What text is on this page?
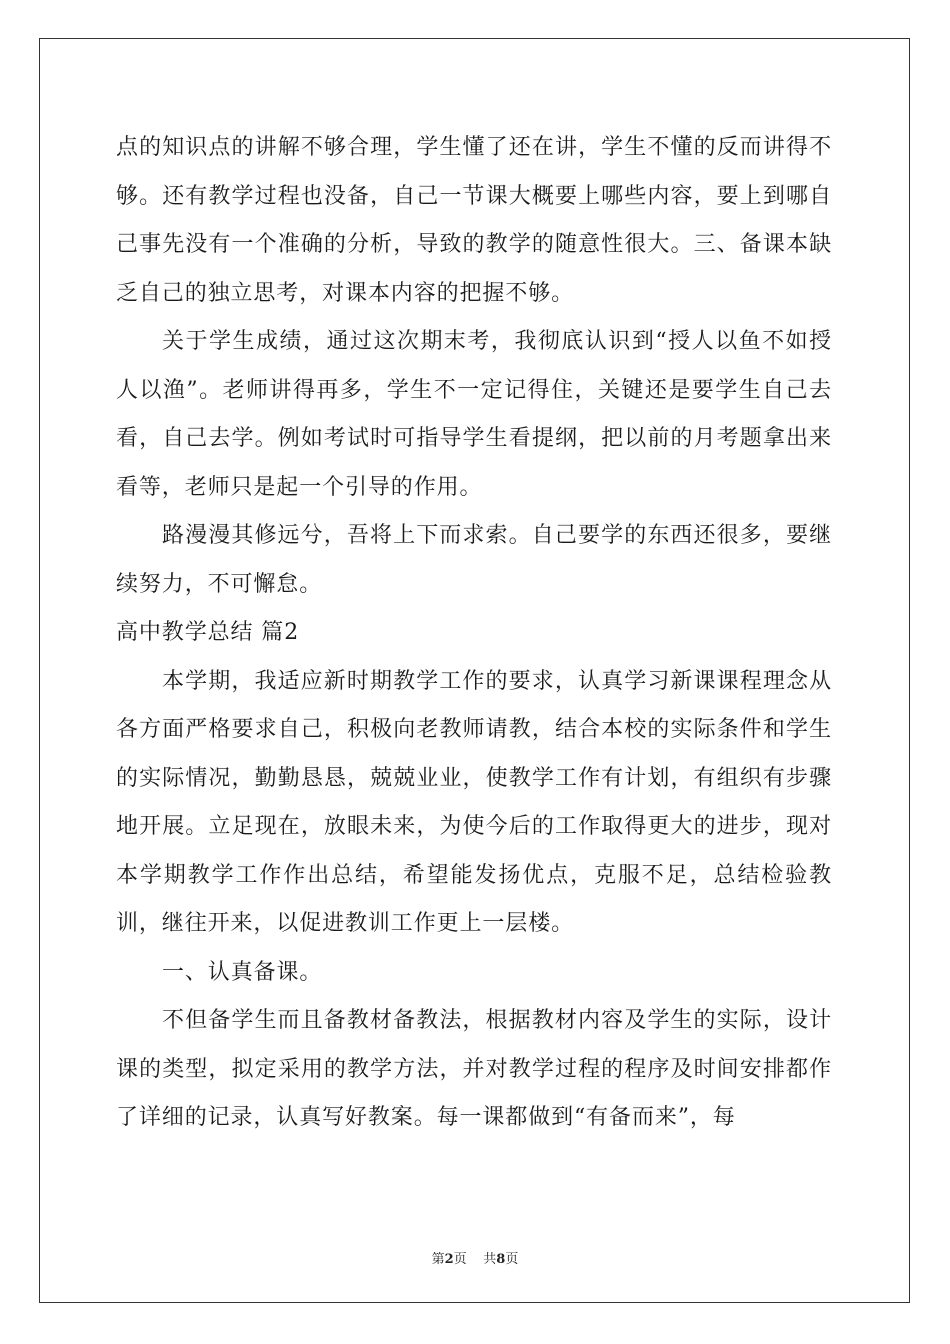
点的知识点的讲解不够合理，学生懂了还在讲，学生不懂的反而讲得不够。还有教学过程也没备，自己一节课大概要上哪些内容，要上到哪自己事先没有一个准确的分析，导致的教学的随意性很大。三、备课本缺乏自己的独立思考，对课本内容的把握不够。

关于学生成绩，通过这次期末考，我彻底认识到“授人以鱼不如授人以渔”。老师讲得再多，学生不一定记得住，关键还是要学生自己去看，自己去学。例如考试时可指导学生看提纲，把以前的月考题拿出来看等，老师只是起一个引导的作用。

路漫漫其修远兮，吾将上下而求索。自己要学的东西还很多，要继续努力，不可懈怠。

高中教学总结 篇2

本学期，我适应新时期教学工作的要求，认真学习新课课程理念从各方面严格要求自己，积极向老教师请教，结合本校的实际条件和学生的实际情况，勤勤恳恳，兢兢业业，使教学工作有计划，有组织有步骤地开展。立足现在，放眼未来，为使今后的工作取得更大的进步，现对本学期教学工作作出总结，希望能发扬优点，克服不足，总结检验教训，继往开来，以促进教训工作更上一层楼。

一、认真备课。

不但备学生而且备教材备教法，根据教材内容及学生的实际，设计课的类型，拟定采用的教学方法，并对教学过程的程序及时间安排都作了详细的记录，认真写好教案。每一课都做到“有备而来”，每

第2页 共8页
